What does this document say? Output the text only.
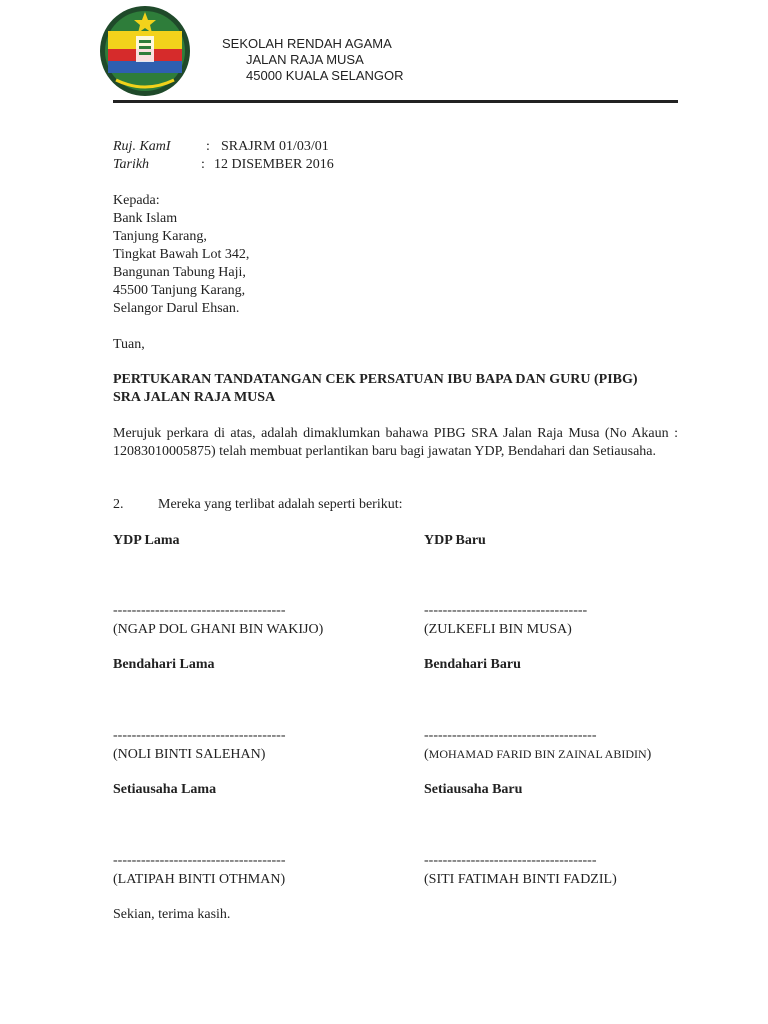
SEKOLAH RENDAH AGAMA
JALAN RAJA MUSA
45000 KUALA SELANGOR
Ruj. KamI	: SRAJRM 01/03/01
Tarikh	: 12 DISEMBER 2016
Kepada:
Bank Islam
Tanjung Karang,
Tingkat Bawah Lot 342,
Bangunan Tabung Haji,
45500 Tanjung Karang,
Selangor Darul Ehsan.
Tuan,
PERTUKARAN TANDATANGAN CEK PERSATUAN IBU BAPA DAN GURU (PIBG)
SRA JALAN RAJA MUSA
Merujuk perkara di atas, adalah dimaklumkan bahawa PIBG SRA Jalan Raja Musa (No Akaun : 12083010005875) telah membuat perlantikan baru bagi jawatan YDP, Bendahari dan Setiausaha.
2. Mereka yang terlibat adalah seperti berikut:
YDP Lama	YDP Baru
-------------------------------------	-----------------------------------
(NGAP DOL GHANI BIN WAKIJO)	(ZULKEFLI BIN MUSA)
Bendahari Lama	Bendahari Baru
-------------------------------------	-------------------------------------
(NOLI BINTI SALEHAN)	(MOHAMAD FARID BIN ZAINAL ABIDIN)
Setiausaha Lama	Setiausaha Baru
-------------------------------------	-------------------------------------
(LATIPAH BINTI OTHMAN)	(SITI FATIMAH BINTI FADZIL)
Sekian, terima kasih.
